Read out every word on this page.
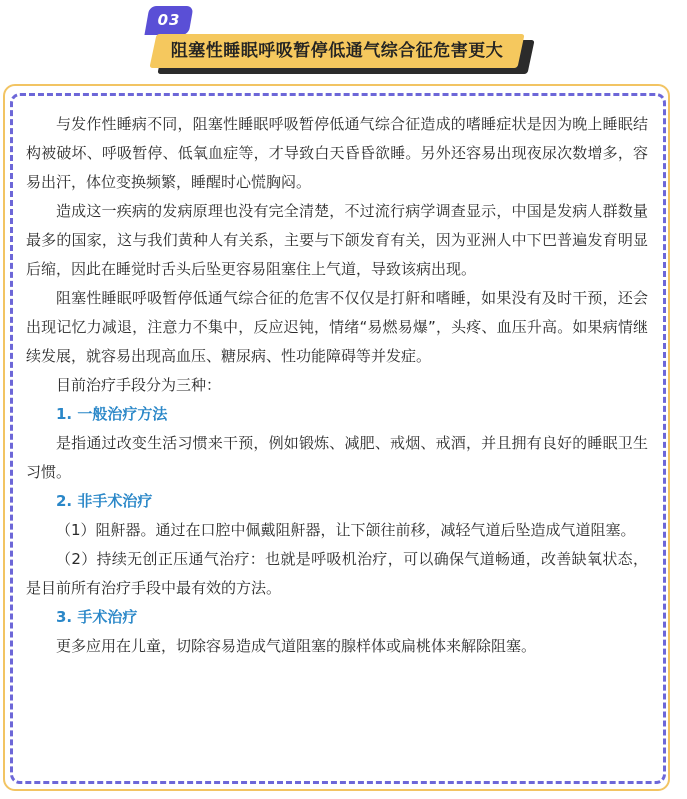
03
阻塞性睡眠呼吸暂停低通气综合征危害更大

与发作性睡病不同，阻塞性睡眠呼吸暂停低通气综合征造成的嗜睡症状是因为晚上睡眠结构被破坏、呼吸暂停、低氧血症等，才导致白天昏昏欲睡。另外还容易出现夜尿次数增多，容易出汗，体位变换频繁，睡醒时心慌胸闷。

造成这一疾病的发病原理也没有完全清楚，不过流行病学调查显示，中国是发病人群数量最多的国家，这与我们黄种人有关系，主要与下颌发育有关，因为亚洲人中下巴普遍发育明显后缩，因此在睡觉时舌头后坠更容易阻塞住上气道，导致该病出现。

阻塞性睡眠呼吸暂停低通气综合征的危害不仅仅是打鼾和嗜睡，如果没有及时干预，还会出现记忆力减退，注意力不集中，反应迟钝，情绪“易燃易爆”，头疼、血压升高。如果病情继续发展，就容易出现高血压、糖尿病、性功能障碍等并发症。

目前治疗手段分为三种：

1. 一般治疗方法

是指通过改变生活习惯来干预，例如锻炼、减肥、戒烟、戒酒，并且拥有良好的睡眠卫生习惯。

2. 非手术治疗

（1）阻鼾器。通过在口腔中佩戴阻鼾器，让下颌往前移，减轻气道后坠造成气道阻塞。

（2）持续无创正压通气治疗：也就是呼吸机治疗，可以确保气道畅通，改善缺氧状态，是目前所有治疗手段中最有效的方法。

3. 手术治疗

更多应用在儿童，切除容易造成气道阻塞的腺样体或扁桃体来解除阻塞。
